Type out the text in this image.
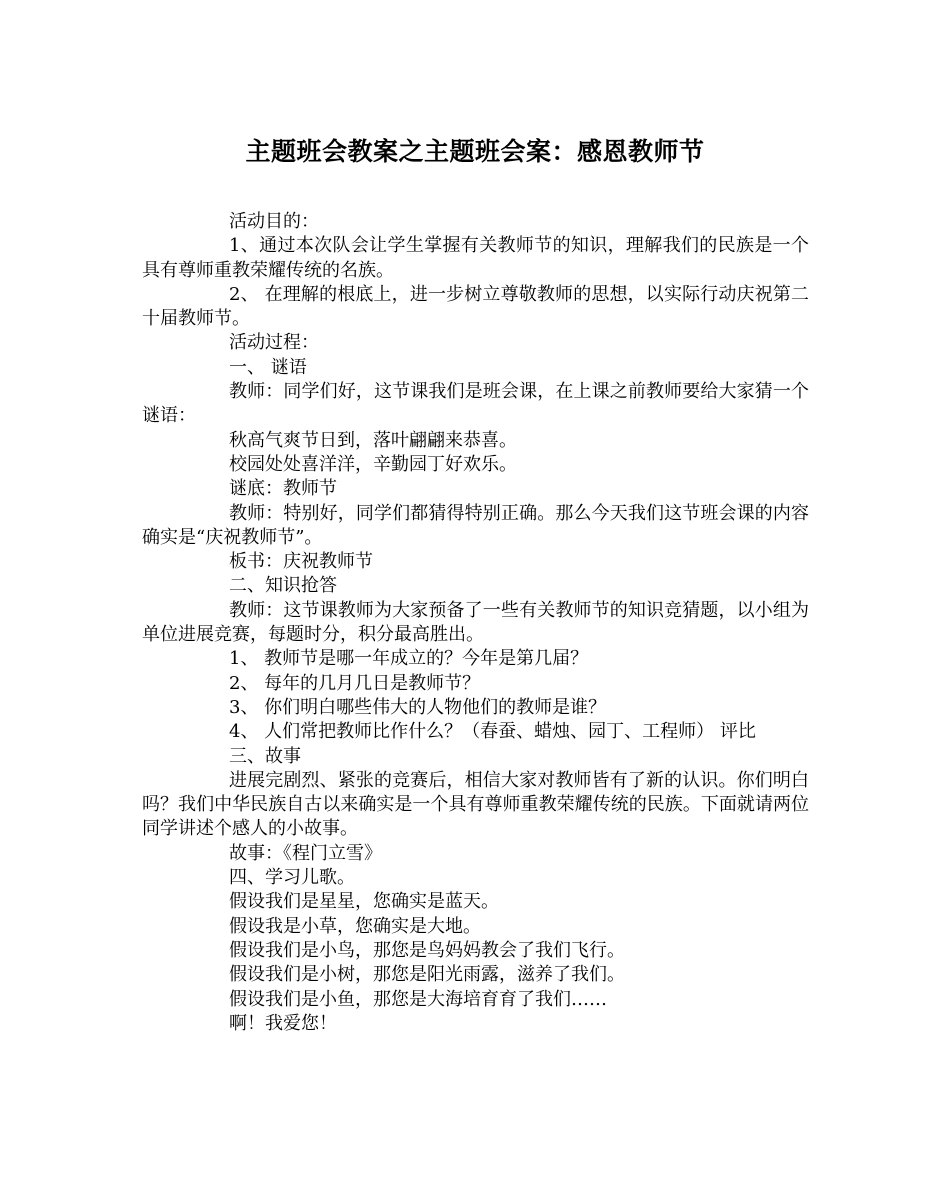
主题班会教案之主题班会案：感恩教师节

活动目的：

1、通过本次队会让学生掌握有关教师节的知识，理解我们的民族是一个具有尊师重教荣耀传统的名族。

2、 在理解的根底上，进一步树立尊敬教师的思想，以实际行动庆祝第二十届教师节。

活动过程：

一、 谜语

教师：同学们好，这节课我们是班会课，在上课之前教师要给大家猜一个谜语：

秋高气爽节日到，落叶翩翩来恭喜。

校园处处喜洋洋，辛勤园丁好欢乐。

谜底：教师节

教师：特别好，同学们都猜得特别正确。那么今天我们这节班会课的内容确实是“庆祝教师节”。

板书：庆祝教师节

二、知识抢答

教师：这节课教师为大家预备了一些有关教师节的知识竞猜题，以小组为单位进展竞赛，每题时分，积分最高胜出。

1、 教师节是哪一年成立的？今年是第几届？

2、 每年的几月几日是教师节？

3、 你们明白哪些伟大的人物他们的教师是谁？

4、 人们常把教师比作什么？（春蚕、蜡烛、园丁、工程师） 评比

三、故事

进展完剧烈、紧张的竞赛后，相信大家对教师皆有了新的认识。你们明白吗？我们中华民族自古以来确实是一个具有尊师重教荣耀传统的民族。下面就请两位同学讲述个感人的小故事。

故事：《程门立雪》

四、学习儿歌。

假设我们是星星，您确实是蓝天。

假设我是小草，您确实是大地。

假设我们是小鸟，那您是鸟妈妈教会了我们飞行。

假设我们是小树，那您是阳光雨露，滋养了我们。

假设我们是小鱼，那您是大海培育育了我们……

啊！我爱您！
